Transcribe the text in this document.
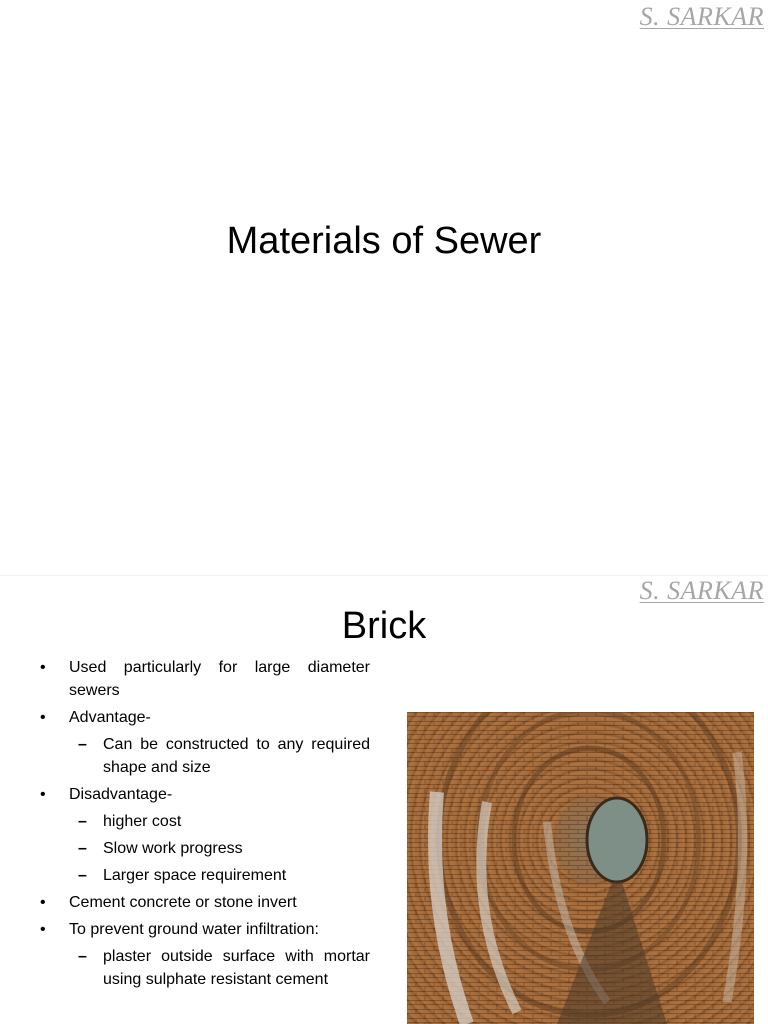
S. SARKAR
Materials of Sewer
S. SARKAR
Brick
• Used particularly for large diameter sewers
• Advantage-
– Can be constructed to any required shape and size
• Disadvantage-
– higher cost
– Slow work progress
– Larger space requirement
• Cement concrete or stone invert
• To prevent ground water infiltration:
– plaster outside surface with mortar using sulphate resistant cement
